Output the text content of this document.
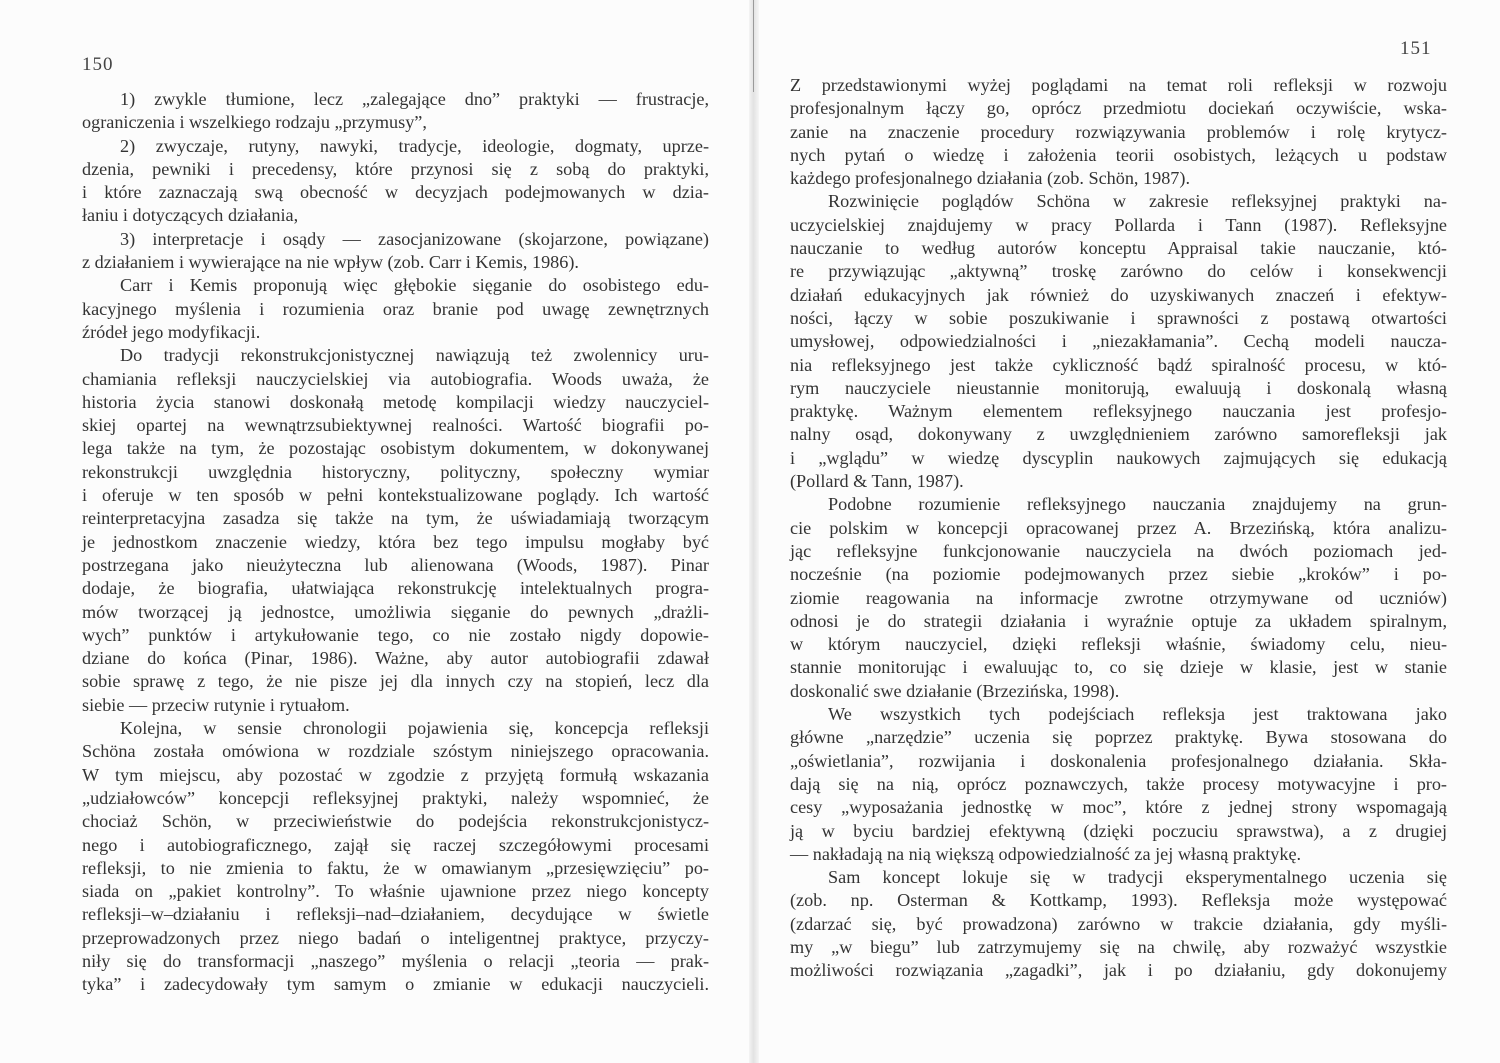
150

1) zwykle tłumione, lecz „zalegające dno” praktyki — frustracje,

ograniczenia i wszelkiego rodzaju „przymusy”,

2) zwyczaje, rutyny, nawyki, tradycje, ideologie, dogmaty, uprze-

dzenia, pewniki i precedensy, które przynosi się z sobą do praktyki,

i które zaznaczają swą obecność w decyzjach podejmowanych w dzia-

łaniu i dotyczących działania,

3) interpretacje i osądy — zasocjanizowane (skojarzone, powiązane)

z działaniem i wywierające na nie wpływ (zob. Carr i Kemis, 1986).

Carr i Kemis proponują więc głębokie sięganie do osobistego edu-

kacyjnego myślenia i rozumienia oraz branie pod uwagę zewnętrznych

źródeł jego modyfikacji.

Do tradycji rekonstrukcjonistycznej nawiązują też zwolennicy uru-

chamiania refleksji nauczycielskiej via autobiografia. Woods uważa, że

historia życia stanowi doskonałą metodę kompilacji wiedzy nauczyciel-

skiej opartej na wewnątrzsubiektywnej realności. Wartość biografii po-

lega także na tym, że pozostając osobistym dokumentem, w dokonywanej

rekonstrukcji uwzględnia historyczny, polityczny, społeczny wymiar

i oferuje w ten sposób w pełni kontekstualizowane poglądy. Ich wartość

reinterpretacyjna zasadza się także na tym, że uświadamiają tworzącym

je jednostkom znaczenie wiedzy, która bez tego impulsu mogłaby być

postrzegana jako nieużyteczna lub alienowana (Woods, 1987). Pinar

dodaje, że biografia, ułatwiająca rekonstrukcję intelektualnych progra-

mów tworzącej ją jednostce, umożliwia sięganie do pewnych „drażli-

wych” punktów i artykułowanie tego, co nie zostało nigdy dopowie-

dziane do końca (Pinar, 1986). Ważne, aby autor autobiografii zdawał

sobie sprawę z tego, że nie pisze jej dla innych czy na stopień, lecz dla

siebie — przeciw rutynie i rytuałom.

Kolejna, w sensie chronologii pojawienia się, koncepcja refleksji

Schöna została omówiona w rozdziale szóstym niniejszego opracowania.

W tym miejscu, aby pozostać w zgodzie z przyjętą formułą wskazania

„udziałowców” koncepcji refleksyjnej praktyki, należy wspomnieć, że

chociaż Schön, w przeciwieństwie do podejścia rekonstrukcjonistycz-

nego i autobiograficznego, zajął się raczej szczegółowymi procesami

refleksji, to nie zmienia to faktu, że w omawianym „przesięwzięciu” po-

siada on „pakiet kontrolny”. To właśnie ujawnione przez niego koncepty

refleksji–w–działaniu i refleksji–nad–działaniem, decydujące w świetle

przeprowadzonych przez niego badań o inteligentnej praktyce, przyczy-

niły się do transformacji „naszego” myślenia o relacji „teoria — prak-

tyka” i zadecydowały tym samym o zmianie w edukacji nauczycieli.

151

Z przedstawionymi wyżej poglądami na temat roli refleksji w rozwoju

profesjonalnym łączy go, oprócz przedmiotu dociekań oczywiście, wska-

zanie na znaczenie procedury rozwiązywania problemów i rolę krytycz-

nych pytań o wiedzę i założenia teorii osobistych, leżących u podstaw

każdego profesjonalnego działania (zob. Schön, 1987).

Rozwinięcie poglądów Schöna w zakresie refleksyjnej praktyki na-

uczycielskiej znajdujemy w pracy Pollarda i Tann (1987). Refleksyjne

nauczanie to według autorów konceptu Appraisal takie nauczanie, któ-

re przywiązując „aktywną” troskę zarówno do celów i konsekwencji

działań edukacyjnych jak również do uzyskiwanych znaczeń i efektyw-

ności, łączy w sobie poszukiwanie i sprawności z postawą otwartości

umysłowej, odpowiedzialności i „niezakłamania”. Cechą modeli naucza-

nia refleksyjnego jest także cykliczność bądź spiralność procesu, w któ-

rym nauczyciele nieustannie monitorują, ewaluują i doskonalą własną

praktykę. Ważnym elementem refleksyjnego nauczania jest profesjo-

nalny osąd, dokonywany z uwzględnieniem zarówno samorefleksji jak

i „wglądu” w wiedzę dyscyplin naukowych zajmujących się edukacją

(Pollard & Tann, 1987).

Podobne rozumienie refleksyjnego nauczania znajdujemy na grun-

cie polskim w koncepcji opracowanej przez A. Brzezińską, która analizu-

jąc refleksyjne funkcjonowanie nauczyciela na dwóch poziomach jed-

nocześnie (na poziomie podejmowanych przez siebie „kroków” i po-

ziomie reagowania na informacje zwrotne otrzymywane od uczniów)

odnosi je do strategii działania i wyraźnie optuje za układem spiralnym,

w którym nauczyciel, dzięki refleksji właśnie, świadomy celu, nieu-

stannie monitorując i ewaluując to, co się dzieje w klasie, jest w stanie

doskonalić swe działanie (Brzezińska, 1998).

We wszystkich tych podejściach refleksja jest traktowana jako

główne „narzędzie” uczenia się poprzez praktykę. Bywa stosowana do

„oświetlania”, rozwijania i doskonalenia profesjonalnego działania. Skła-

dają się na nią, oprócz poznawczych, także procesy motywacyjne i pro-

cesy „wyposażania jednostkę w moc”, które z jednej strony wspomagają

ją w byciu bardziej efektywną (dzięki poczuciu sprawstwa), a z drugiej

— nakładają na nią większą odpowiedzialność za jej własną praktykę.

Sam koncept lokuje się w tradycji eksperymentalnego uczenia się

(zob. np. Osterman & Kottkamp, 1993). Refleksja może występować

(zdarzać się, być prowadzona) zarówno w trakcie działania, gdy myśli-

my „w biegu” lub zatrzymujemy się na chwilę, aby rozważyć wszystkie

możliwości rozwiązania „zagadki”, jak i po działaniu, gdy dokonujemy
